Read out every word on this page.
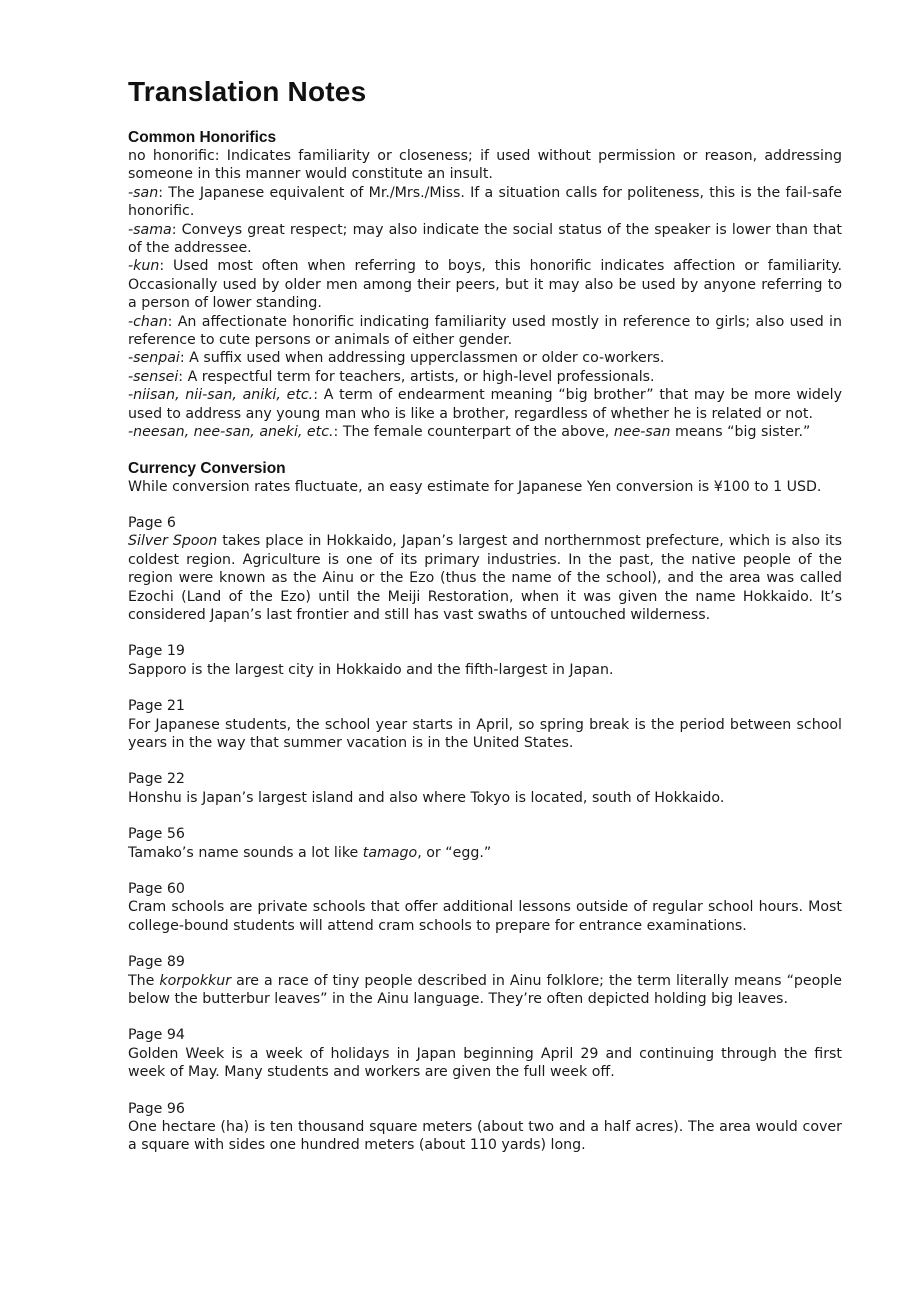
Translation Notes
Common Honorifics

no honorific: Indicates familiarity or closeness; if used without permission or reason, addressing someone in this manner would constitute an insult.

-san: The Japanese equivalent of Mr./Mrs./Miss. If a situation calls for politeness, this is the fail-safe honorific.

-sama: Conveys great respect; may also indicate the social status of the speaker is lower than that of the addressee.

-kun: Used most often when referring to boys, this honorific indicates affection or familiarity. Occasionally used by older men among their peers, but it may also be used by anyone referring to a person of lower standing.

-chan: An affectionate honorific indicating familiarity used mostly in reference to girls; also used in reference to cute persons or animals of either gender.

-senpai: A suffix used when addressing upperclassmen or older co-workers.

-sensei: A respectful term for teachers, artists, or high-level professionals.

-niisan, nii-san, aniki, etc.: A term of endearment meaning “big brother” that may be more widely used to address any young man who is like a brother, regardless of whether he is related or not.

-neesan, nee-san, aneki, etc.: The female counterpart of the above, nee-san means “big sister.”

Currency Conversion

While conversion rates fluctuate, an easy estimate for Japanese Yen conversion is ¥100 to 1 USD.

Page 6

Silver Spoon takes place in Hokkaido, Japan’s largest and northernmost prefecture, which is also its coldest region. Agriculture is one of its primary industries. In the past, the native people of the region were known as the Ainu or the Ezo (thus the name of the school), and the area was called Ezochi (Land of the Ezo) until the Meiji Restoration, when it was given the name Hokkaido. It’s considered Japan’s last frontier and still has vast swaths of untouched wilderness.

Page 19

Sapporo is the largest city in Hokkaido and the fifth-largest in Japan.

Page 21

For Japanese students, the school year starts in April, so spring break is the period between school years in the way that summer vacation is in the United States.

Page 22

Honshu is Japan’s largest island and also where Tokyo is located, south of Hokkaido.

Page 56

Tamako’s name sounds a lot like tamago, or “egg.”

Page 60

Cram schools are private schools that offer additional lessons outside of regular school hours. Most college-bound students will attend cram schools to prepare for entrance examinations.

Page 89

The korpokkur are a race of tiny people described in Ainu folklore; the term literally means “people below the butterbur leaves” in the Ainu language. They’re often depicted holding big leaves.

Page 94

Golden Week is a week of holidays in Japan beginning April 29 and continuing through the first week of May. Many students and workers are given the full week off.

Page 96

One hectare (ha) is ten thousand square meters (about two and a half acres). The area would cover a square with sides one hundred meters (about 110 yards) long.
